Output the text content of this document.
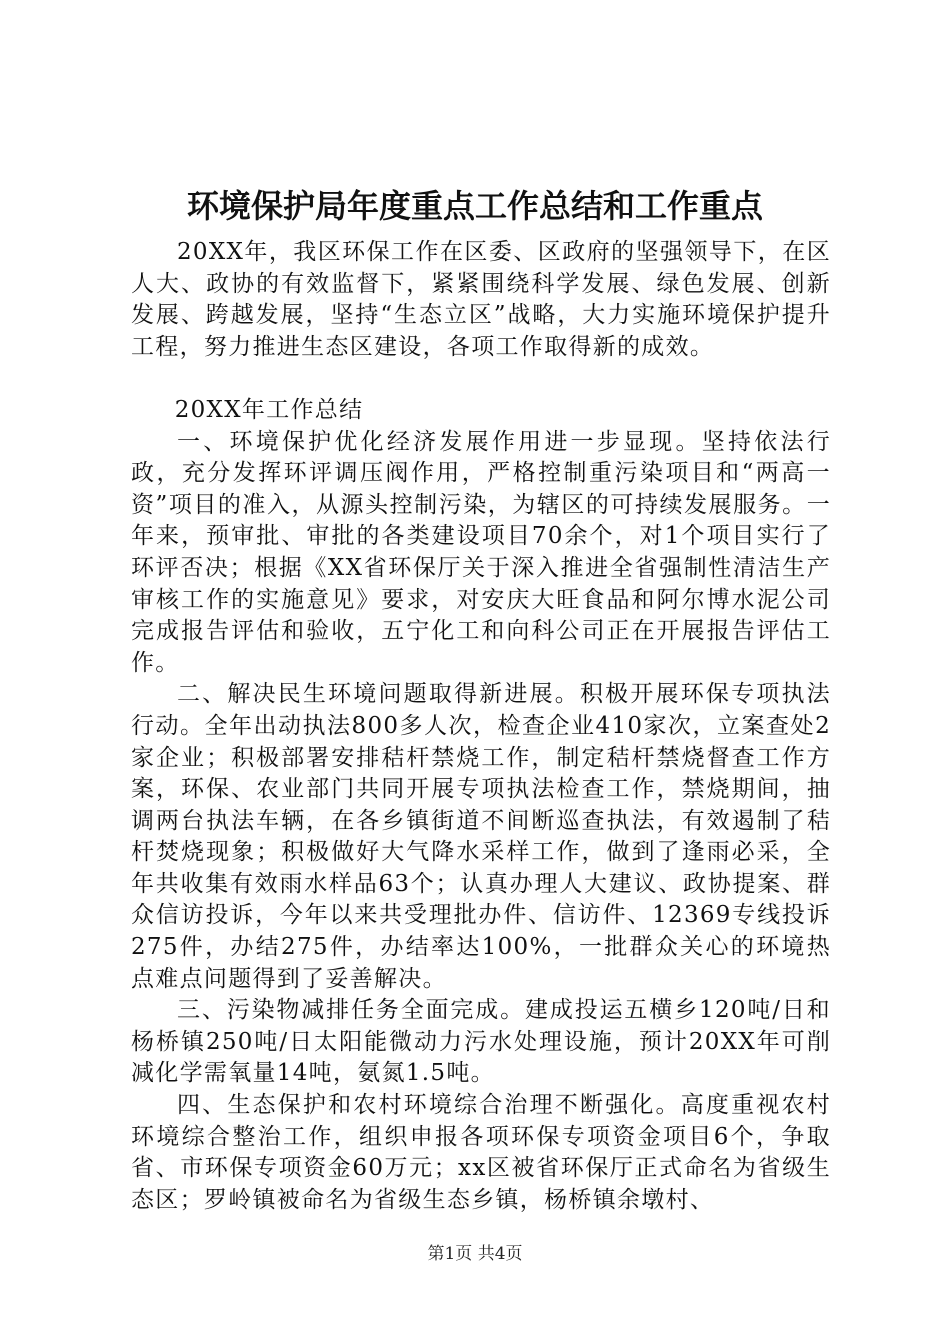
环境保护局年度重点工作总结和工作重点

20XX年，我区环保工作在区委、区政府的坚强领导下，在区人大、政协的有效监督下，紧紧围绕科学发展、绿色发展、创新发展、跨越发展，坚持“生态立区”战略，大力实施环境保护提升工程，努力推进生态区建设，各项工作取得新的成效。

20XX年工作总结

一、环境保护优化经济发展作用进一步显现。坚持依法行政，充分发挥环评调压阀作用，严格控制重污染项目和“两高一资”项目的准入，从源头控制污染，为辖区的可持续发展服务。一年来，预审批、审批的各类建设项目70余个，对1个项目实行了环评否决；根据《XX省环保厅关于深入推进全省强制性清洁生产审核工作的实施意见》要求，对安庆大旺食品和阿尔博水泥公司完成报告评估和验收，五宁化工和向科公司正在开展报告评估工作。

二、解决民生环境问题取得新进展。积极开展环保专项执法行动。全年出动执法800多人次，检查企业410家次，立案查处2家企业；积极部署安排秸杆禁烧工作，制定秸杆禁烧督查工作方案，环保、农业部门共同开展专项执法检查工作，禁烧期间，抽调两台执法车辆，在各乡镇街道不间断巡查执法，有效遏制了秸杆焚烧现象；积极做好大气降水采样工作，做到了逢雨必采，全年共收集有效雨水样品63个；认真办理人大建议、政协提案、群众信访投诉，今年以来共受理批办件、信访件、12369专线投诉275件，办结275件，办结率达100%，一批群众关心的环境热点难点问题得到了妥善解决。

三、污染物减排任务全面完成。建成投运五横乡120吨/日和杨桥镇250吨/日太阳能微动力污水处理设施，预计20XX年可削减化学需氧量14吨，氨氮1.5吨。

四、生态保护和农村环境综合治理不断强化。高度重视农村环境综合整治工作，组织申报各项环保专项资金项目6个，争取省、市环保专项资金60万元；xx区被省环保厅正式命名为省级生态区；罗岭镇被命名为省级生态乡镇，杨桥镇余墩村、

第1页 共4页
